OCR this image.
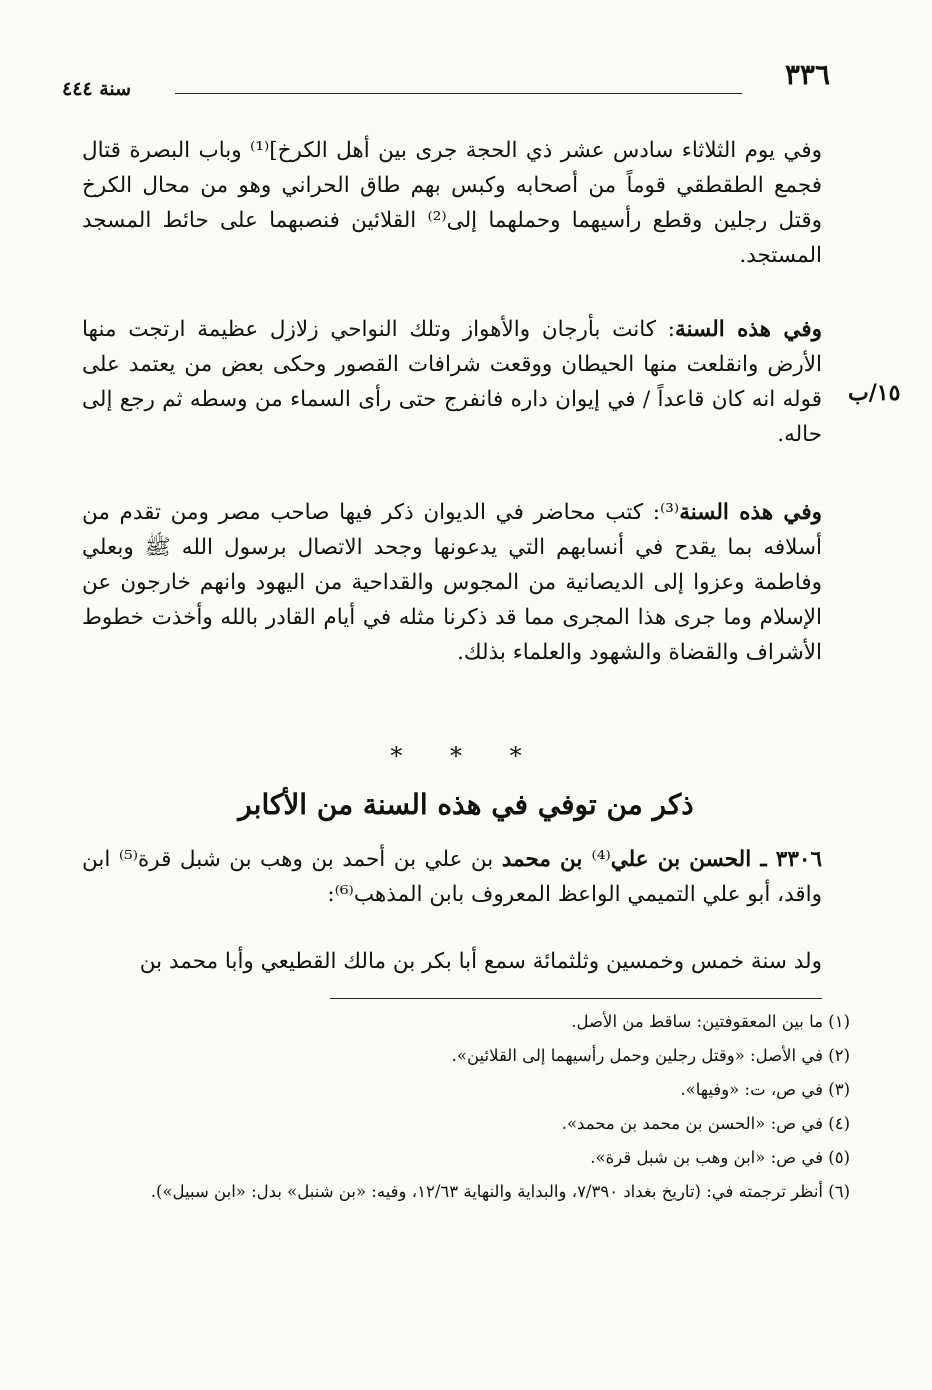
٣٣٦
سنة ٤٤٤

وفي يوم الثلاثاء سادس عشر ذي الحجة جرى بين أهل الكرخ]⁽¹⁾ وباب البصرة قتال فجمع الطقطقي قوماً من أصحابه وكبس بهم طاق الحراني وهو من محال الكرخ وقتل رجلين وقطع رأسيهما وحملهما إلى⁽²⁾ القلائين فنصبهما على حائط المسجد المستجد.

وفي هذه السنة: كانت بأرجان والأهواز وتلك النواحي زلازل عظيمة ارتجت منها الأرض وانقلعت منها الحيطان ووقعت شرافات القصور وحكى بعض من يعتمد على قوله انه كان قاعداً / في إيوان داره فانفرج حتى رأى السماء من وسطه ثم رجع إلى حاله.

١٥/ب

وفي هذه السنة⁽³⁾: كتب محاضر في الديوان ذكر فيها صاحب مصر ومن تقدم من أسلافه بما يقدح في أنسابهم التي يدعونها وجحد الاتصال برسول الله ﷺ وبعلي وفاطمة وعزوا إلى الديصانية من المجوس والقداحية من اليهود وانهم خارجون عن الإسلام وما جرى هذا المجرى مما قد ذكرنا مثله في أيام القادر بالله وأخذت خطوط الأشراف والقضاة والشهود والعلماء بذلك.

* * *
ذكر من توفي في هذه السنة من الأكابر
٣٣٠٦ ـ الحسن بن علي⁽⁴⁾ بن محمد بن علي بن أحمد بن وهب بن شبل قرة⁽⁵⁾ ابن واقد، أبو علي التميمي الواعظ المعروف بابن المذهب⁽⁶⁾:
ولد سنة خمس وخمسين وثلثمائة سمع أبا بكر بن مالك القطيعي وأبا محمد بن

(١) ما بين المعقوفتين: ساقط من الأصل.

(٢) في الأصل: «وقتل رجلين وحمل رأسيهما إلى القلائين».

(٣) في ص، ت: «وفيها».

(٤) في ص: «الحسن بن محمد بن محمد».

(٥) في ص: «ابن وهب بن شبل قرة».

(٦) أنظر ترجمته في: (تاريخ بغداد ٧/٣٩٠، والبداية والنهاية ١٢/٦٣، وفيه: «بن شنبل» بدل: «ابن سبيل»).
